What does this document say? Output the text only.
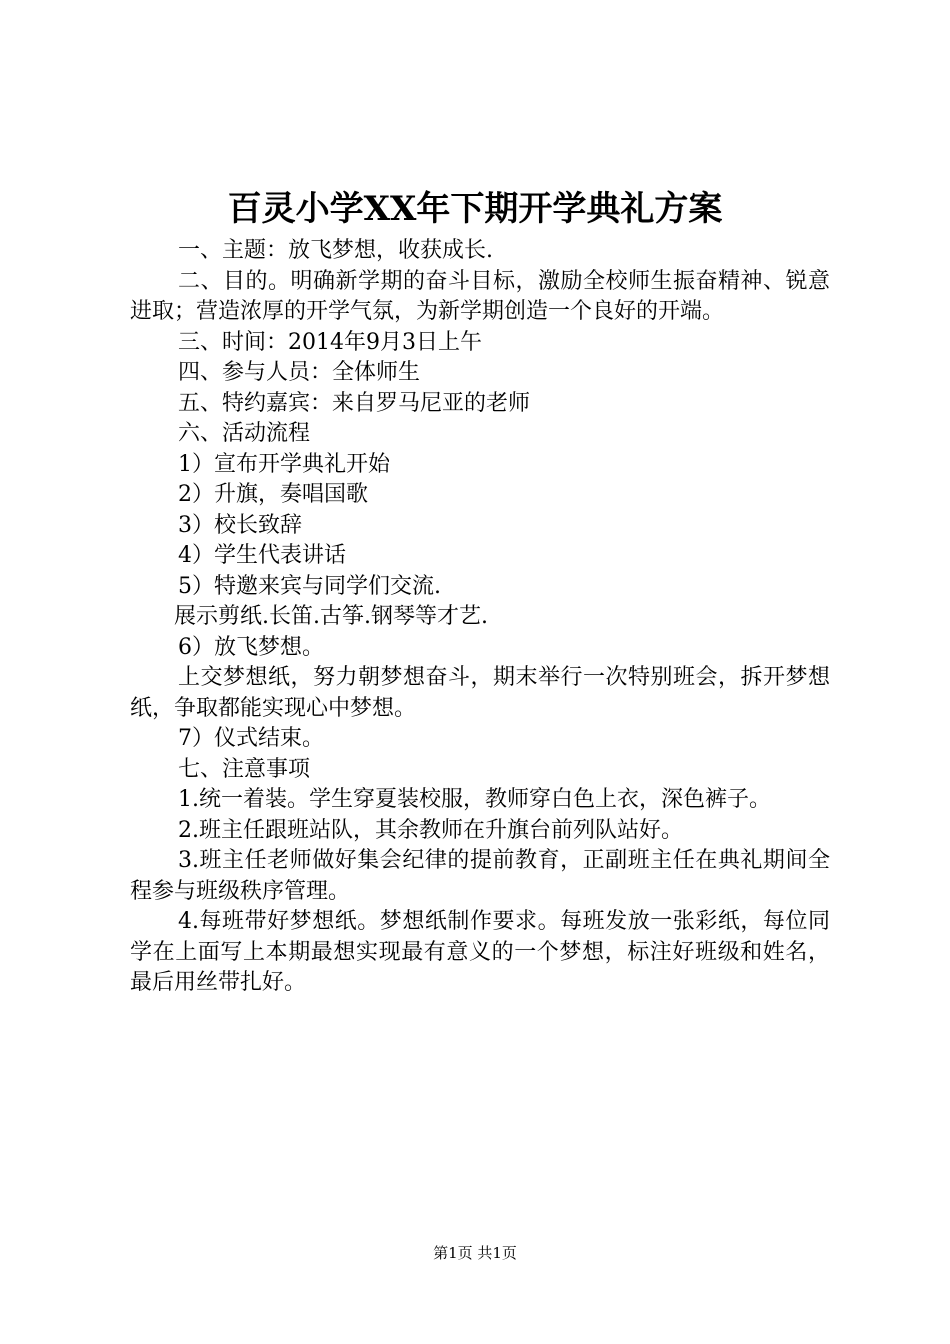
百灵小学XX年下期开学典礼方案

一、主题：放飞梦想，收获成长.

二、目的。明确新学期的奋斗目标，激励全校师生振奋精神、锐意进取；营造浓厚的开学气氛，为新学期创造一个良好的开端。

三、时间：2014年9月3日上午

四、参与人员：全体师生

五、特约嘉宾：来自罗马尼亚的老师

六、活动流程

1）宣布开学典礼开始

2）升旗，奏唱国歌

3）校长致辞

4）学生代表讲话

5）特邀来宾与同学们交流.

展示剪纸.长笛.古筝.钢琴等才艺.

6）放飞梦想。

上交梦想纸，努力朝梦想奋斗，期末举行一次特别班会，拆开梦想纸，争取都能实现心中梦想。

7）仪式结束。

七、注意事项

1.统一着装。学生穿夏装校服，教师穿白色上衣，深色裤子。

2.班主任跟班站队，其余教师在升旗台前列队站好。

3.班主任老师做好集会纪律的提前教育，正副班主任在典礼期间全程参与班级秩序管理。

4.每班带好梦想纸。梦想纸制作要求。每班发放一张彩纸，每位同学在上面写上本期最想实现最有意义的一个梦想，标注好班级和姓名，最后用丝带扎好。

第1页 共1页
